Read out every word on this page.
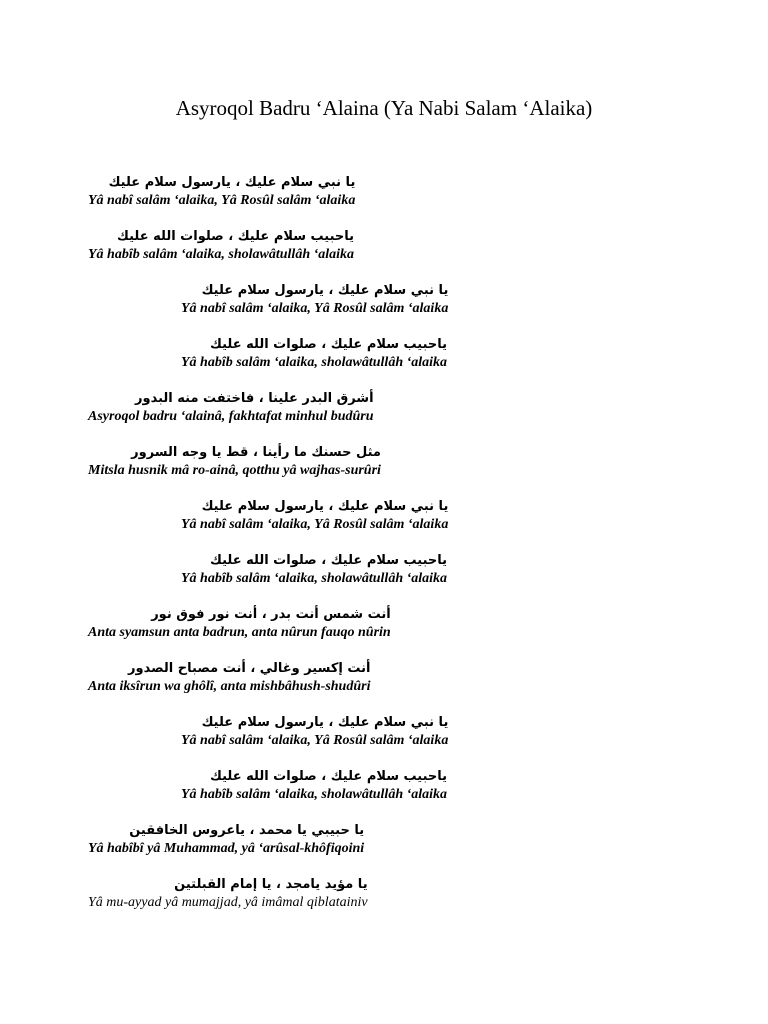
Asyroqol Badru ‘Alaina (Ya Nabi Salam ‘Alaika)
يا نبي سلام عليك ، يارسول سلام عليك
Yâ nabî salâm ‘alaika, Yâ Rosûl salâm ‘alaika
ياحبيب سلام عليك ، صلوات الله عليك
Yâ habîb salâm ‘alaika, sholawâtullâh ‘alaika
يا نبي سلام عليك ، يارسول سلام عليك
Yâ nabî salâm ‘alaika, Yâ Rosûl salâm ‘alaika
ياحبيب سلام عليك ، صلوات الله عليك
Yâ habîb salâm ‘alaika, sholawâtullâh ‘alaika
أشرق البدر علينا ، فاختفت منه البدور
Asyroqol badru ‘alainâ, fakhtafat minhul budûru
مثل حسنك ما رأينا ، قط يا وجه السرور
Mitsla husnik mâ ro-ainâ, qotthu yâ wajhas-surûri
يا نبي سلام عليك ، يارسول سلام عليك
Yâ nabî salâm ‘alaika, Yâ Rosûl salâm ‘alaika
ياحبيب سلام عليك ، صلوات الله عليك
Yâ habîb salâm ‘alaika, sholawâtullâh ‘alaika
أنت شمس أنت بدر ، أنت نور فوق نور
Anta syamsun anta badrun, anta nûrun fauqo nûrin
أنت إكسير وغالي ، أنت مصباح الصدور
Anta iksîrun wa ghôlî, anta mishbâhush-shudûri
يا نبي سلام عليك ، يارسول سلام عليك
Yâ nabî salâm ‘alaika, Yâ Rosûl salâm ‘alaika
ياحبيب سلام عليك ، صلوات الله عليك
Yâ habîb salâm ‘alaika, sholawâtullâh ‘alaika
يا حبيبي يا محمد ، ياعروس الخافقين
Yâ habîbî yâ Muhammad, yâ ‘arûsal-khôfiqoini
يا مؤيد يامجد ، يا إمام القبلتين
Yâ mu-ayyad yâ mumajjad, yâ imâmal qiblatainiv
